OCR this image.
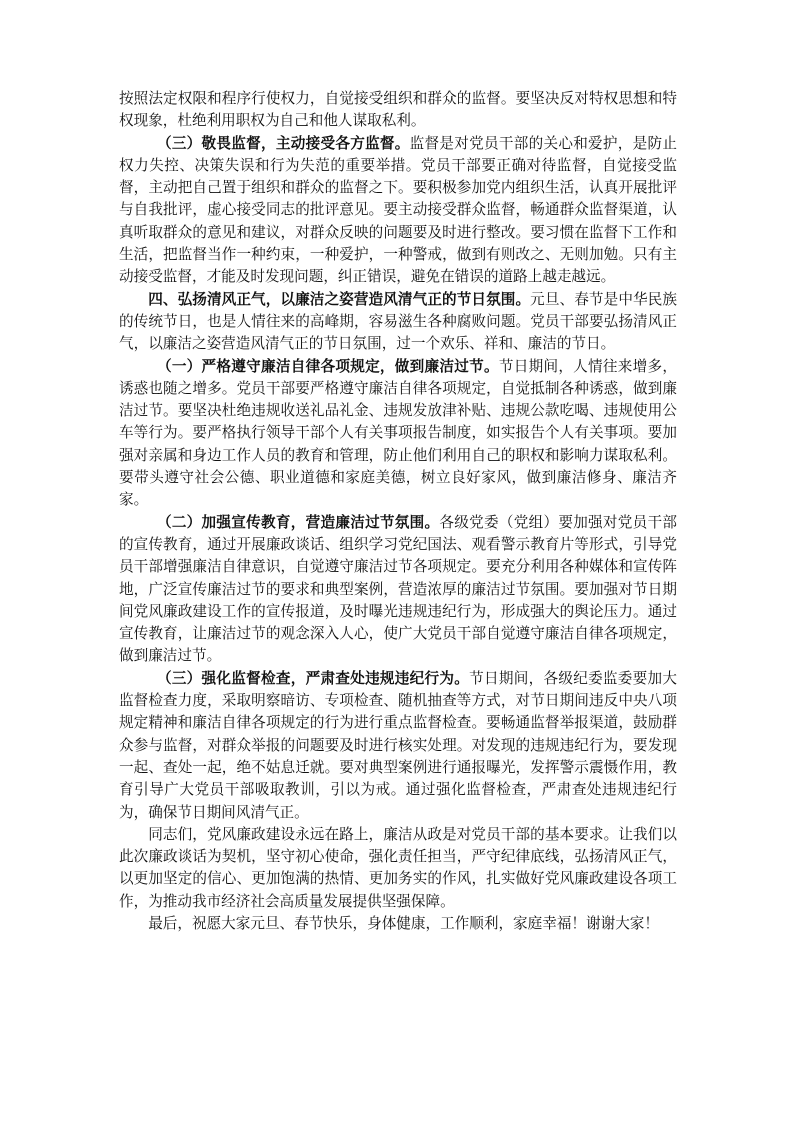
按照法定权限和程序行使权力，自觉接受组织和群众的监督。要坚决反对特权思想和特权现象，杜绝利用职权为自己和他人谋取私利。

（三）敬畏监督，主动接受各方监督。监督是对党员干部的关心和爱护，是防止权力失控、决策失误和行为失范的重要举措。党员干部要正确对待监督，自觉接受监督，主动把自己置于组织和群众的监督之下。要积极参加党内组织生活，认真开展批评与自我批评，虚心接受同志的批评意见。要主动接受群众监督，畅通群众监督渠道，认真听取群众的意见和建议，对群众反映的问题要及时进行整改。要习惯在监督下工作和生活，把监督当作一种约束，一种爱护，一种警戒，做到有则改之、无则加勉。只有主动接受监督，才能及时发现问题，纠正错误，避免在错误的道路上越走越远。

四、弘扬清风正气，以廉洁之姿营造风清气正的节日氛围。元旦、春节是中华民族的传统节日，也是人情往来的高峰期，容易滋生各种腐败问题。党员干部要弘扬清风正气，以廉洁之姿营造风清气正的节日氛围，过一个欢乐、祥和、廉洁的节日。

（一）严格遵守廉洁自律各项规定，做到廉洁过节。节日期间，人情往来增多，诱惑也随之增多。党员干部要严格遵守廉洁自律各项规定，自觉抵制各种诱惑，做到廉洁过节。要坚决杜绝违规收送礼品礼金、违规发放津补贴、违规公款吃喝、违规使用公车等行为。要严格执行领导干部个人有关事项报告制度，如实报告个人有关事项。要加强对亲属和身边工作人员的教育和管理，防止他们利用自己的职权和影响力谋取私利。要带头遵守社会公德、职业道德和家庭美德，树立良好家风，做到廉洁修身、廉洁齐家。

（二）加强宣传教育，营造廉洁过节氛围。各级党委（党组）要加强对党员干部的宣传教育，通过开展廉政谈话、组织学习党纪国法、观看警示教育片等形式，引导党员干部增强廉洁自律意识，自觉遵守廉洁过节各项规定。要充分利用各种媒体和宣传阵地，广泛宣传廉洁过节的要求和典型案例，营造浓厚的廉洁过节氛围。要加强对节日期间党风廉政建设工作的宣传报道，及时曝光违规违纪行为，形成强大的舆论压力。通过宣传教育，让廉洁过节的观念深入人心，使广大党员干部自觉遵守廉洁自律各项规定，做到廉洁过节。

（三）强化监督检查，严肃查处违规违纪行为。节日期间，各级纪委监委要加大监督检查力度，采取明察暗访、专项检查、随机抽查等方式，对节日期间违反中央八项规定精神和廉洁自律各项规定的行为进行重点监督检查。要畅通监督举报渠道，鼓励群众参与监督，对群众举报的问题要及时进行核实处理。对发现的违规违纪行为，要发现一起、查处一起，绝不姑息迁就。要对典型案例进行通报曝光，发挥警示震慑作用，教育引导广大党员干部吸取教训，引以为戒。通过强化监督检查，严肃查处违规违纪行为，确保节日期间风清气正。

同志们，党风廉政建设永远在路上，廉洁从政是对党员干部的基本要求。让我们以此次廉政谈话为契机，坚守初心使命，强化责任担当，严守纪律底线，弘扬清风正气，以更加坚定的信心、更加饱满的热情、更加务实的作风，扎实做好党风廉政建设各项工作，为推动我市经济社会高质量发展提供坚强保障。

最后，祝愿大家元旦、春节快乐，身体健康，工作顺利，家庭幸福！谢谢大家！
